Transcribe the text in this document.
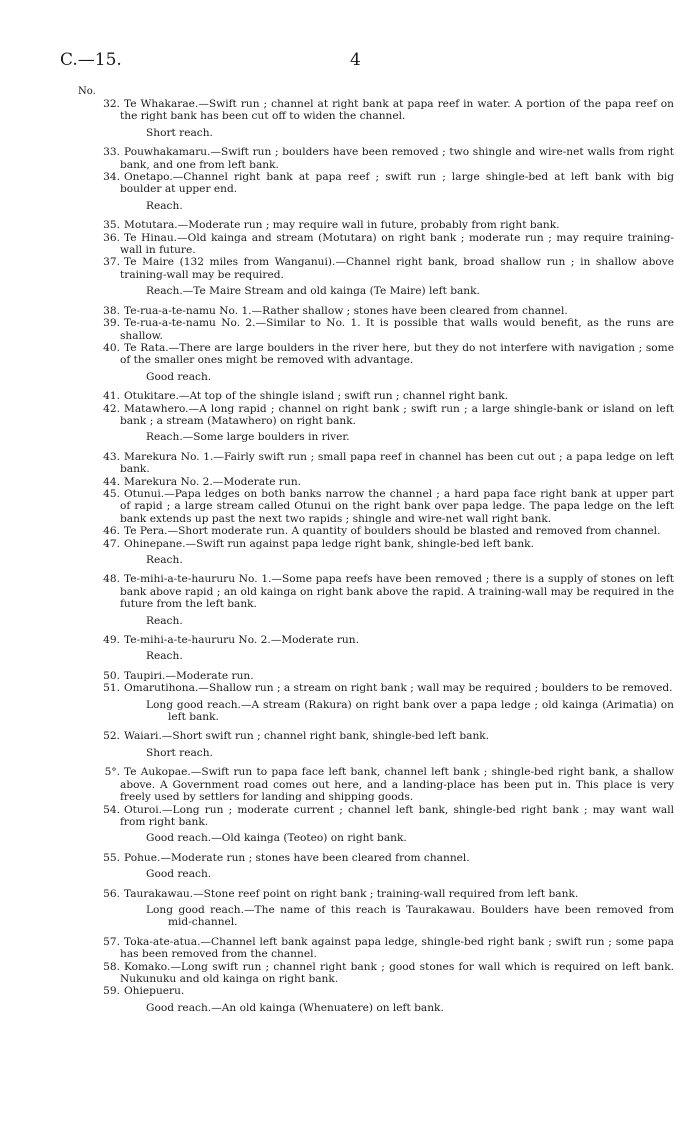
C.—15.	4
No.
32. Te Whakarae.—Swift run ; channel at right bank at papa reef in water. A portion of the papa reef on the right bank has been cut off to widen the channel.
Short reach.
33. Pouwhakamaru.—Swift run ; boulders have been removed ; two shingle and wire-net walls from right bank, and one from left bank.
34. Onetapo.—Channel right bank at papa reef ; swift run ; large shingle-bed at left bank with big boulder at upper end.
Reach.
35. Motutara.—Moderate run ; may require wall in future, probably from right bank.
36. Te Hinau.—Old kainga and stream (Motutara) on right bank ; moderate run ; may require training-wall in future.
37. Te Maire (132 miles from Wanganui).—Channel right bank, broad shallow run ; in shallow above training-wall may be required.
Reach.—Te Maire Stream and old kainga (Te Maire) left bank.
38. Te-rua-a-te-namu No. 1.—Rather shallow ; stones have been cleared from channel.
39. Te-rua-a-te-namu No. 2.—Similar to No. 1. It is possible that walls would benefit, as the runs are shallow.
40. Te Rata.—There are large boulders in the river here, but they do not interfere with navigation ; some of the smaller ones might be removed with advantage.
Good reach.
41. Otukitare.—At top of the shingle island ; swift run ; channel right bank.
42. Matawhero.—A long rapid ; channel on right bank ; swift run ; a large shingle-bank or island on left bank ; a stream (Matawhero) on right bank.
Reach.—Some large boulders in river.
43. Marekura No. 1.—Fairly swift run ; small papa reef in channel has been cut out ; a papa ledge on left bank.
44. Marekura No. 2.—Moderate run.
45. Otunui.—Papa ledges on both banks narrow the channel ; a hard papa face right bank at upper part of rapid ; a large stream called Otunui on the right bank over papa ledge. The papa ledge on the left bank extends up past the next two rapids ; shingle and wire-net wall right bank.
46. Te Pera.—Short moderate run. A quantity of boulders should be blasted and removed from channel.
47. Ohinepane.—Swift run against papa ledge right bank, shingle-bed left bank.
Reach.
48. Te-mihi-a-te-haururu No. 1.—Some papa reefs have been removed ; there is a supply of stones on left bank above rapid ; an old kainga on right bank above the rapid. A training-wall may be required in the future from the left bank.
Reach.
49. Te-mihi-a-te-haururu No. 2.—Moderate run.
Reach.
50. Taupiri.—Moderate run.
51. Omarutihona.—Shallow run ; a stream on right bank ; wall may be required ; boulders to be removed.
Long good reach.—A stream (Rakura) on right bank over a papa ledge ; old kainga (Arimatia) on left bank.
52. Waiari.—Short swift run ; channel right bank, shingle-bed left bank.
Short reach.
5°. Te Aukopae.—Swift run to papa face left bank, channel left bank ; shingle-bed right bank, a shallow above. A Government road comes out here, and a landing-place has been put in. This place is very freely used by settlers for landing and shipping goods.
54. Oturoi.—Long run ; moderate current ; channel left bank, shingle-bed right bank ; may want wall from right bank.
Good reach.—Old kainga (Teoteo) on right bank.
55. Pohue.—Moderate run ; stones have been cleared from channel.
Good reach.
56. Taurakawau.—Stone reef point on right bank ; training-wall required from left bank.
Long good reach.—The name of this reach is Taurakawau. Boulders have been removed from mid-channel.
57. Toka-ate-atua.—Channel left bank against papa ledge, shingle-bed right bank ; swift run ; some papa has been removed from the channel.
58. Komako.—Long swift run ; channel right bank ; good stones for wall which is required on left bank. Nukunuku and old kainga on right bank.
59. Ohiepueru.
Good reach.—An old kainga (Whenuatere) on left bank.
